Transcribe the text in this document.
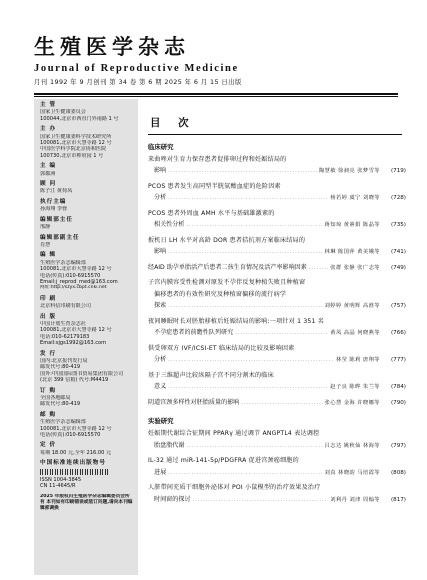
生殖医学杂志
Journal of Reproductive Medicine
月刊 1992 年 9 月创刊 第 34 卷 第 6 期 2025 年 6 月 15 日出版
主 管
国家卫生健康委员会
100044,北京市西直门外南路 1 号
主 办
国家卫生健康委科学技术研究所
100081,北京市大慧寺路 12 号
中国医学科学院北京协和医院
100730,北京市帅府园 1 号
主 编
郭都洲
顾 问
陈子江 黄荷凤
执行主编
孙海翔 李蓉
编辑部主任
邢静
编辑部副主任
肖慧
编 辑
生殖医学杂志编辑部
100081,北京市大慧寺路 12 号
电话(传真):010-6915570
Email:j_reprod_med@163.com
网址:http://szyx.cbpt.cnki.net
印 刷
北京科信印刷有限公司
出 版
中国计划生育杂志社
100081,北京市大慧寺路 12 号
电话:010-62179183
Email:sjgs1992@163.com
发 行
国内:北京报刊发行局
邮发代号:80-419
国外:中国国际图书贸易集团有限公司
(北京 399 信箱) 代号:M4419
订 购
全国各地邮局
邮发代号:80-419
邮 购
生殖医学杂志编辑部
100081,北京市大慧寺路 12 号
电话(传真):010-6915570
定 价
每期 18.00 元,全年 216.00 元
中国标准连续出版物号
ISSN 1004-3845
CN 11-4645/R
2025 年版权归生殖医学杂志编辑委员会所有 本刊如有印刷错误或装订问题,请向本刊编辑部调换
目 次
临床研究
来曲唑对生育力保存患者促排卵过程和妊娠结局的
影响 .....	陶慧敏 徐昶亮 张梦雪等	(719)
PCOS 患者发生高同型半胱氨酸血症的危险因素
分析 .....	杨若婷 虞宁 刘晓等	(728)
PCOS 患者外周血 AMH 水平与基础雄激素的
相关性分析 .....	蒋知琼 黄素娟 陈晶等	(735)
扳机日 LH 水平对高龄 DOR 患者拮抗剂方案临床结局的
影响 .....	林琳 陈国萍 黄美娥等	(741)
经AID 助孕单胎活产后患者二孩生育情况及活产率影响因素 .....	张群 张静 张广志等	(749)
子宫内膜容受性检测对原发不孕伴反复种植失败且种植窗
偏移患者的有效性研究及种植窗偏移的流行病学
探索 .....	刘婷婷 黄明辉 高淮等	(757)
夜间睡眠时长对胚胎移植后妊娠结局的影响:一项针对 1 351 名
不孕症患者的前瞻性队列研究 .....	黄凤 高晶 何晓燕等	(766)
供受卵双方 IVF/ICSI-ET 临床结局的比较及影响因素
分析 .....	林莹 陈莉 唐翔等	(777)
基于三维超声比较纵隔子宫不同分割术的临床
意义 .....	赵子良 陈晔 朱兰等	(784)
阴道宫颈多样性对胚胎质量的影响 .....	张心慧 金海 许晓娜等	(790)
实验研究
妊娠期代谢综合征期间 PPARγ 通过调节 ANGPTL4 表达调控
胎盘脂代谢 .....	吕志达 姚秋仙 林海等	(797)
IL-32 通过 miR-141-5p/PDGFRA 促进宫颈癌细胞的
进展 .....	刘真 林晓韵 马培霞等	(808)
人脐带间充质干细胞外泌体对 POI 小鼠模型的治疗效果及治疗
时间窗的探讨 .....	刘利丹 刘津 周翰等	(817)
